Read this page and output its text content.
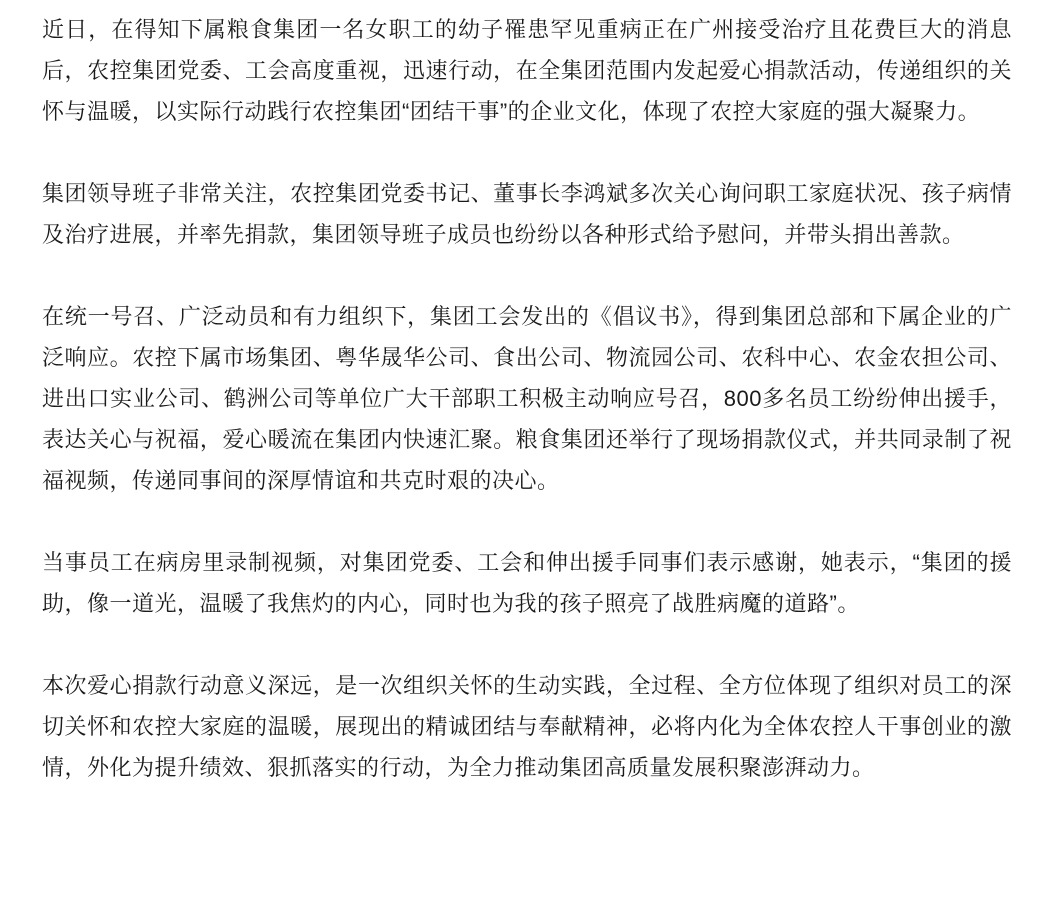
近日，在得知下属粮食集团一名女职工的幼子罹患罕见重病正在广州接受治疗且花费巨大的消息后，农控集团党委、工会高度重视，迅速行动，在全集团范围内发起爱心捐款活动，传递组织的关怀与温暖，以实际行动践行农控集团“团结干事”的企业文化，体现了农控大家庭的强大凝聚力。

集团领导班子非常关注，农控集团党委书记、董事长李鸿斌多次关心询问职工家庭状况、孩子病情及治疗进展，并率先捐款，集团领导班子成员也纷纷以各种形式给予慰问，并带头捐出善款。

在统一号召、广泛动员和有力组织下，集团工会发出的《倡议书》，得到集团总部和下属企业的广泛响应。农控下属市场集团、粤华晟华公司、食出公司、物流园公司、农科中心、农金农担公司、进出口实业公司、鹤洲公司等单位广大干部职工积极主动响应号召，800多名员工纷纷伸出援手，表达关心与祝福，爱心暖流在集团内快速汇聚。粮食集团还举行了现场捐款仪式，并共同录制了祝福视频，传递同事间的深厚情谊和共克时艰的决心。

当事员工在病房里录制视频，对集团党委、工会和伸出援手同事们表示感谢，她表示，“集团的援助，像一道光，温暖了我焦灼的内心，同时也为我的孩子照亮了战胜病魔的道路”。

本次爱心捐款行动意义深远，是一次组织关怀的生动实践，全过程、全方位体现了组织对员工的深切关怀和农控大家庭的温暖，展现出的精诚团结与奉献精神，必将内化为全体农控人干事创业的激情，外化为提升绩效、狠抓落实的行动，为全力推动集团高质量发展积聚澎湃动力。
